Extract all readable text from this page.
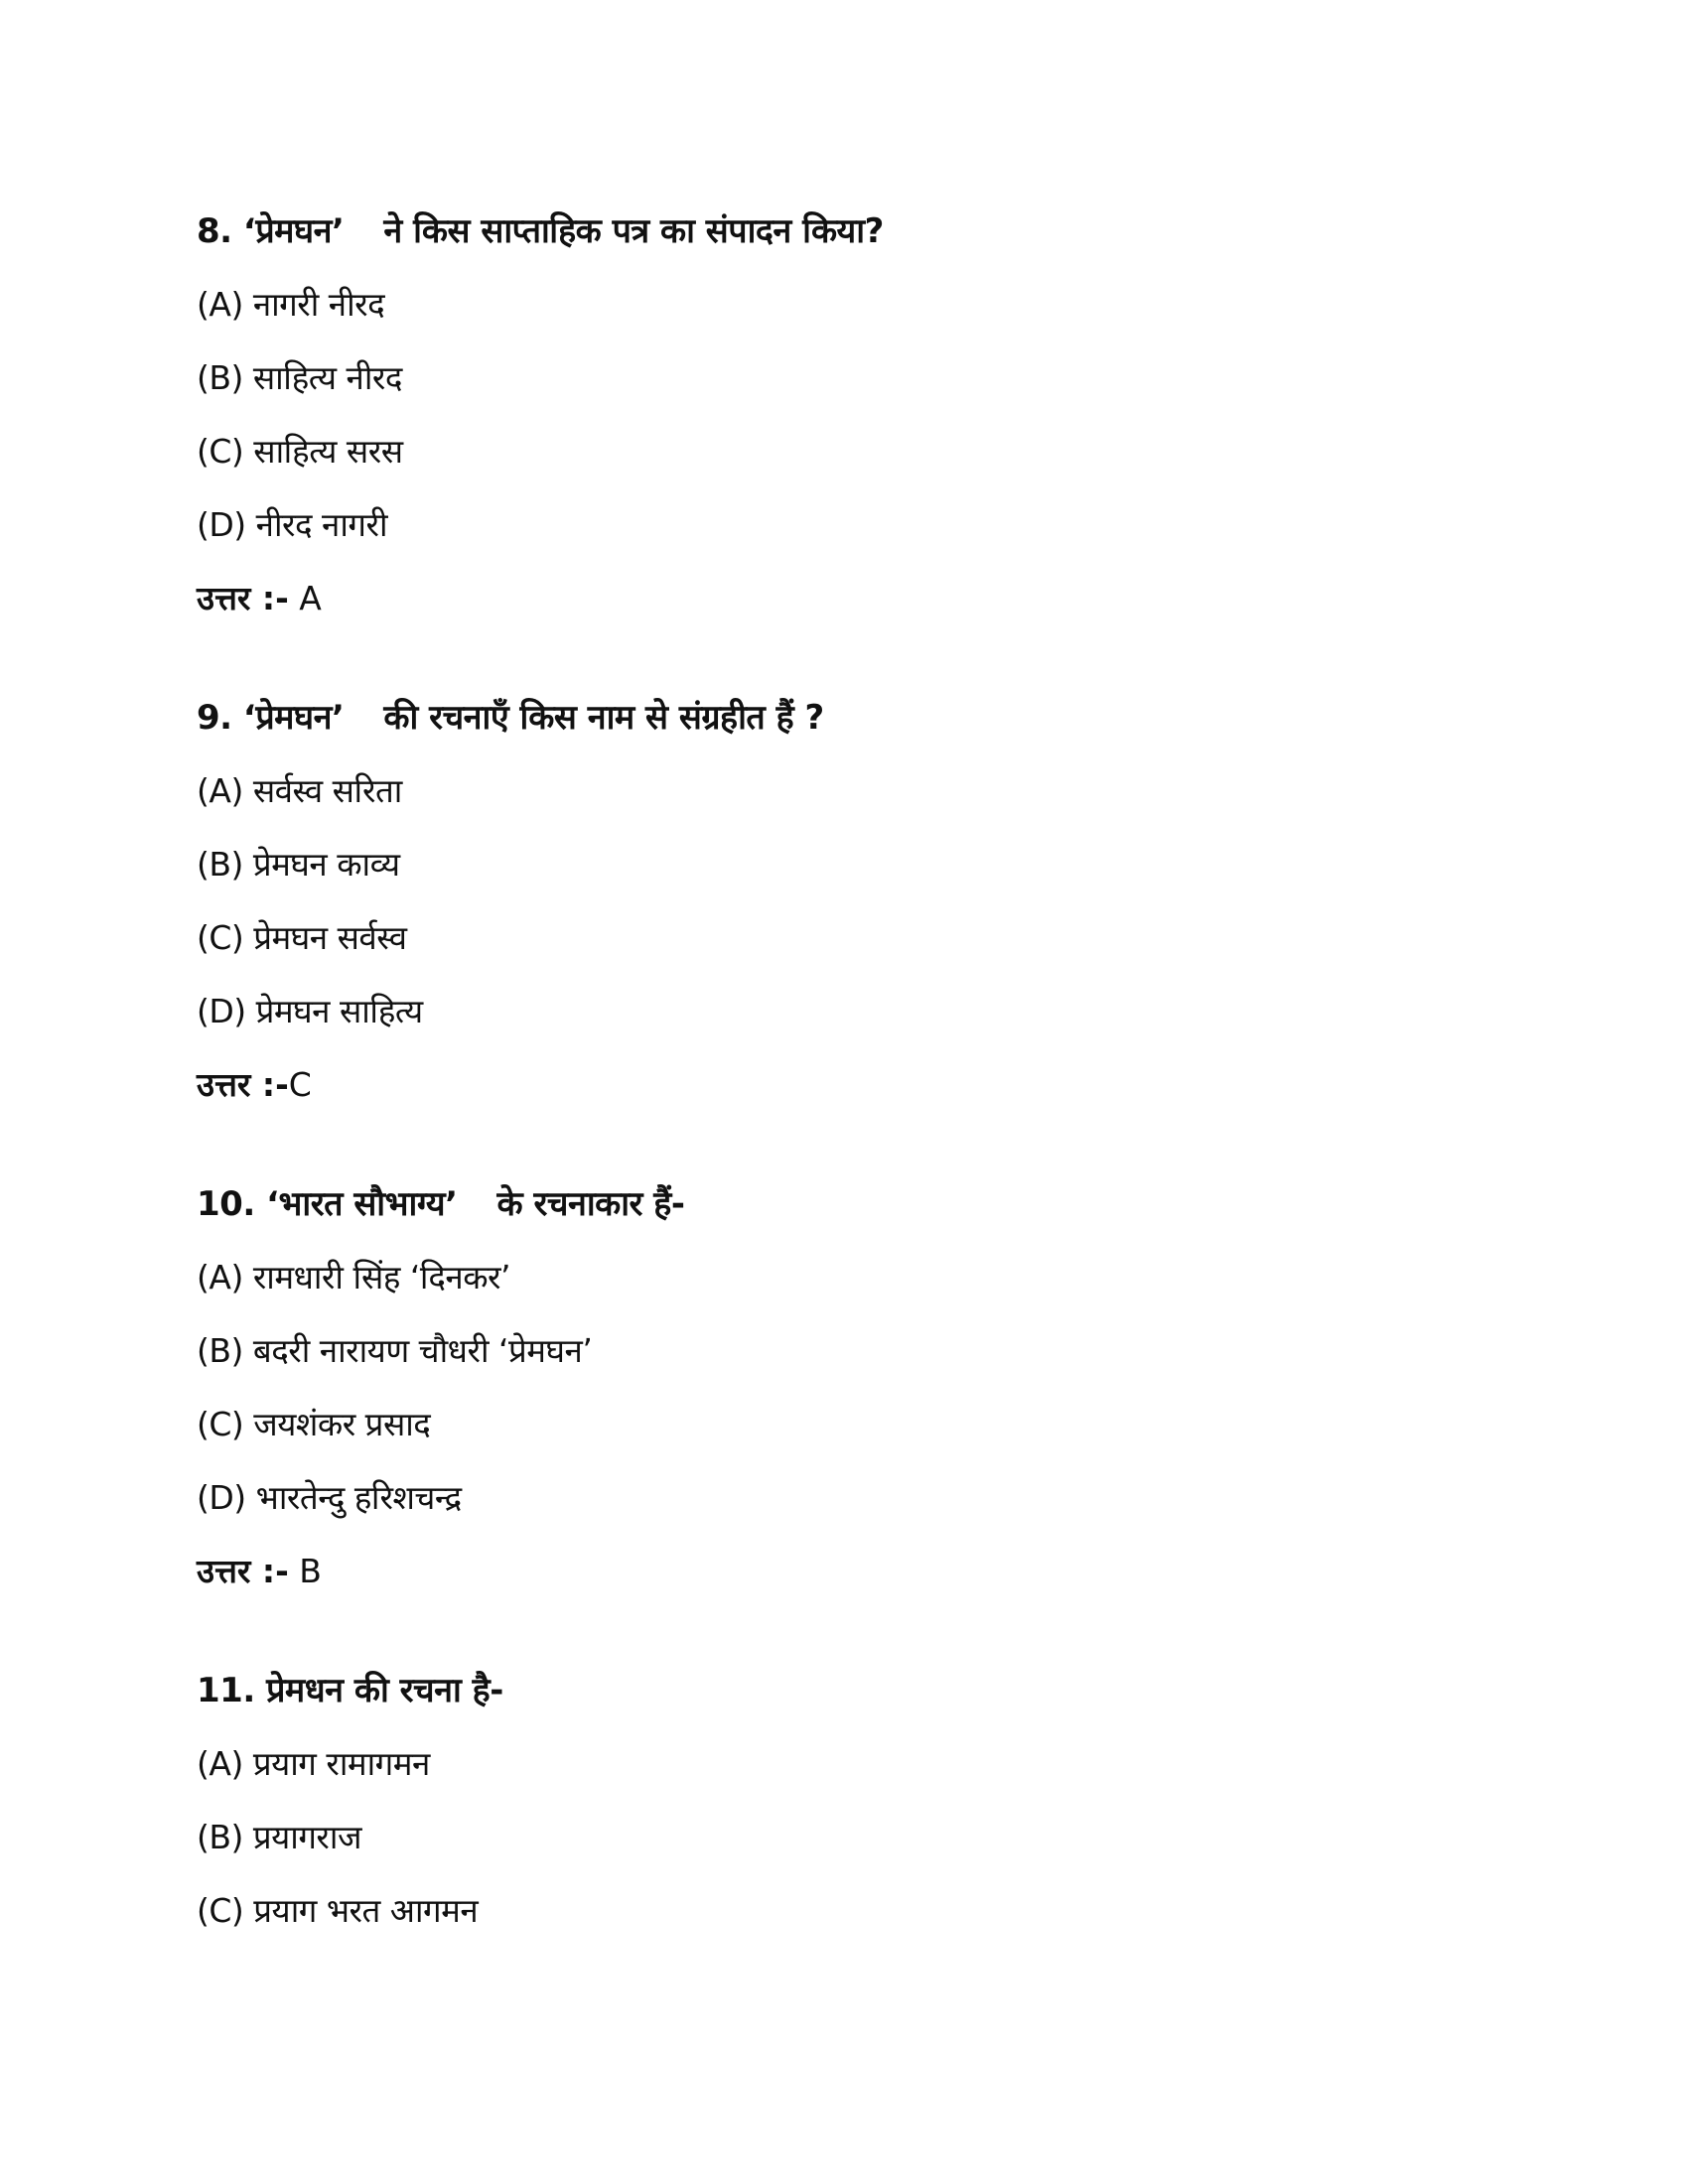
8. ‘प्रेमघन’ ने किस साप्ताहिक पत्र का संपादन किया?
(A) नागरी नीरद
(B) साहित्य नीरद
(C) साहित्य सरस
(D) नीरद नागरी
उत्तर :- A
9. ‘प्रेमघन’ की रचनाएँ किस नाम से संग्रहीत हैं ?
(A) सर्वस्व सरिता
(B) प्रेमघन काव्य
(C) प्रेमघन सर्वस्व
(D) प्रेमघन साहित्य
उत्तर :-C
10. ‘भारत सौभाग्य’ के रचनाकार हैं-
(A) रामधारी सिंह ‘दिनकर’
(B) बदरी नारायण चौधरी ‘प्रेमघन’
(C) जयशंकर प्रसाद
(D) भारतेन्दु हरिशचन्द्र
उत्तर :- B
11. प्रेमधन की रचना है-
(A) प्रयाग रामागमन
(B) प्रयागराज
(C) प्रयाग भरत आगमन
